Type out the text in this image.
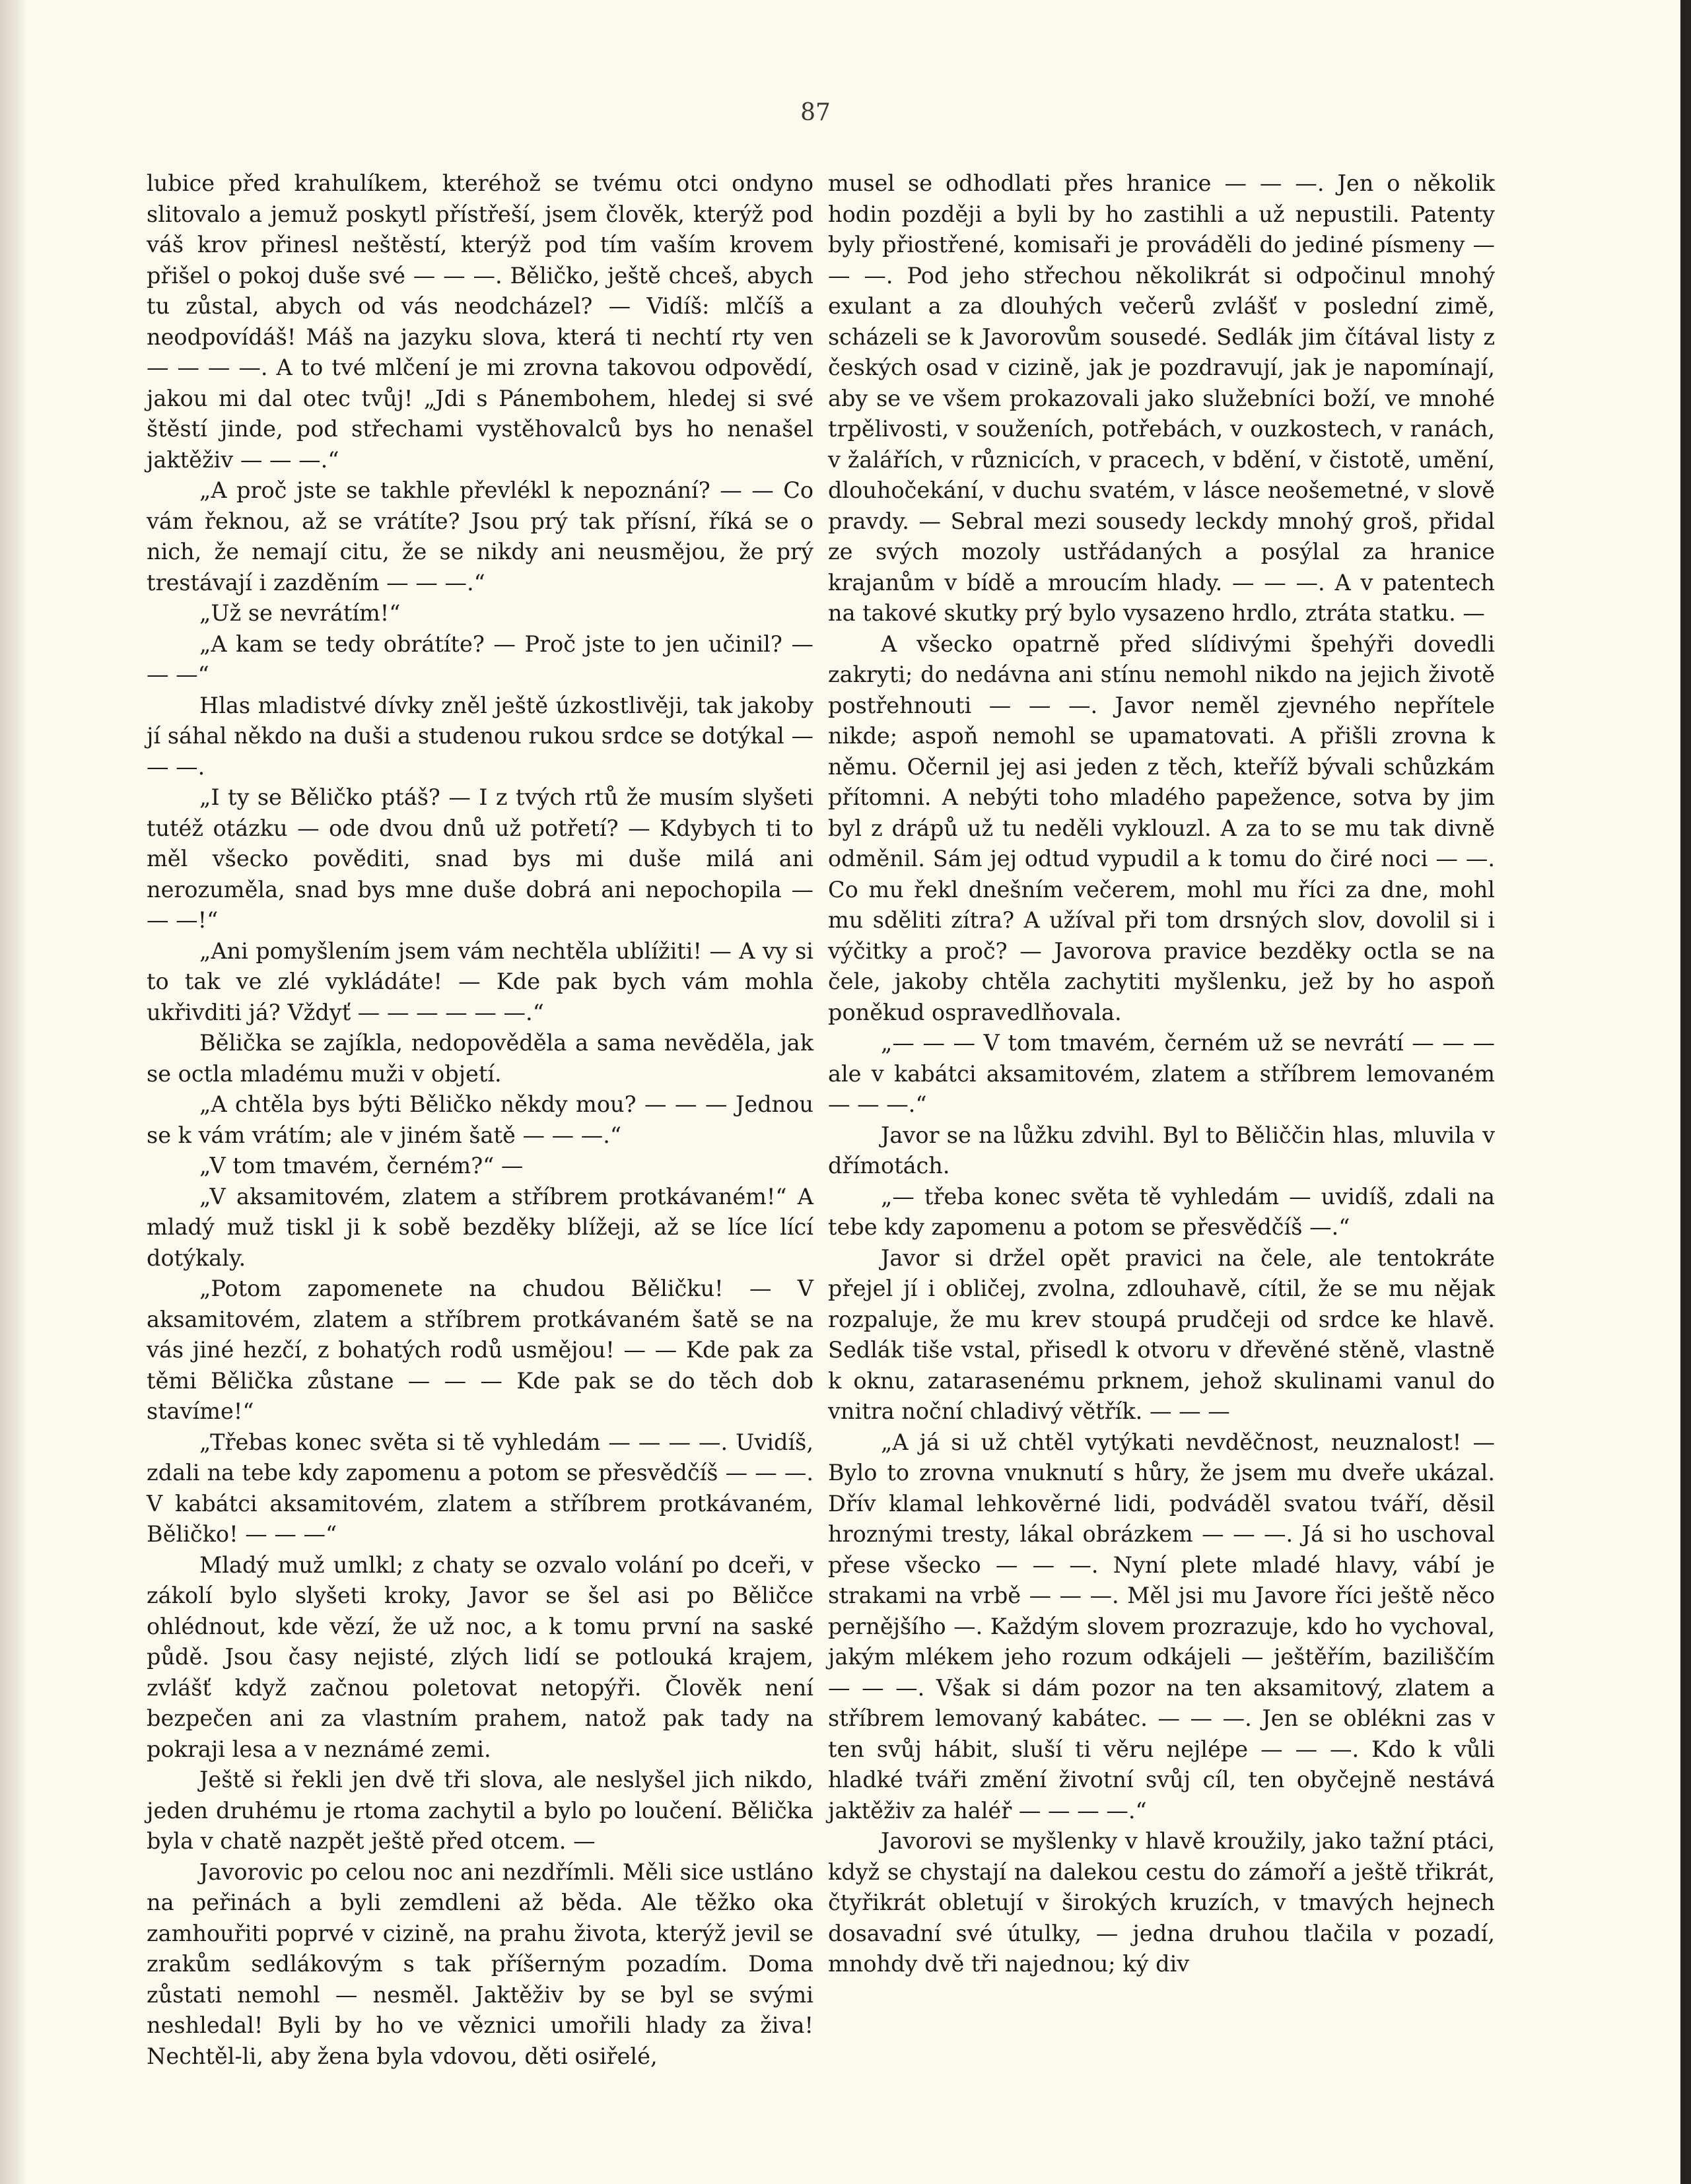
87

lubice před krahulíkem, kteréhož se tvému otci ondyno slitovalo a jemuž poskytl přístřeší, jsem člověk, kterýž pod váš krov přinesl neštěstí, kterýž pod tím vaším krovem přišel o pokoj duše své — — —. Běličko, ještě chceš, abych tu zůstal, abych od vás neodcházel? — Vidíš: mlčíš a neodpovídáš! Máš na jazyku slova, která ti nechtí rty ven — — — —. A to tvé mlčení je mi zrovna takovou odpovědí, jakou mi dal otec tvůj! „Jdi s Pánembohem, hledej si své štěstí jinde, pod střechami vystěhovalců bys ho nenašel jaktěživ — — —.“

„A proč jste se takhle převlékl k nepoznání? — — Co vám řeknou, až se vrátíte? Jsou prý tak přísní, říká se o nich, že nemají citu, že se nikdy ani neusmějou, že prý trestávají i zazděním — — —.“

„Už se nevrátím!“

„A kam se tedy obrátíte? — Proč jste to jen učinil? — — —“

Hlas mladistvé dívky zněl ještě úzkostlivěji, tak jakoby jí sáhal někdo na duši a studenou rukou srdce se dotýkal — — —.

„I ty se Běličko ptáš? — I z tvých rtů že musím slyšeti tutéž otázku — ode dvou dnů už potřetí? — Kdybych ti to měl všecko pověditi, snad bys mi duše milá ani nerozuměla, snad bys mne duše dobrá ani nepochopila — — —!“

„Ani pomyšlením jsem vám nechtěla ublížiti! — A vy si to tak ve zlé vykládáte! — Kde pak bych vám mohla ukřivditi já? Vždyť — — — — — —.“

Bělička se zajíkla, nedopověděla a sama nevěděla, jak se octla mladému muži v objetí.

„A chtěla bys býti Běličko někdy mou? — — — Jednou se k vám vrátím; ale v jiném šatě — — —.“

„V tom tmavém, černém?“ —

„V aksamitovém, zlatem a stříbrem protkávaném!“ A mladý muž tiskl ji k sobě bezděky blížeji, až se líce lící dotýkaly.

„Potom zapomenete na chudou Běličku! — V aksamitovém, zlatem a stříbrem protkávaném šatě se na vás jiné hezčí, z bohatých rodů usmějou! — — Kde pak za těmi Bělička zůstane — — — Kde pak se do těch dob stavíme!“

„Třebas konec světa si tě vyhledám — — — —. Uvidíš, zdali na tebe kdy zapomenu a potom se přesvědčíš — — —. V kabátci aksamitovém, zlatem a stříbrem protkávaném, Běličko! — — —“

Mladý muž umlkl; z chaty se ozvalo volání po dceři, v zákolí bylo slyšeti kroky, Javor se šel asi po Běličce ohlédnout, kde vězí, že už noc, a k tomu první na saské půdě. Jsou časy nejisté, zlých lidí se potlouká krajem, zvlášť když začnou poletovat netopýři. Člověk není bezpečen ani za vlastním prahem, natož pak tady na pokraji lesa a v neznámé zemi.

Ještě si řekli jen dvě tři slova, ale neslyšel jich nikdo, jeden druhému je rtoma zachytil a bylo po loučení. Bělička byla v chatě nazpět ještě před otcem. —

Javorovic po celou noc ani nezdřímli. Měli sice ustláno na peřinách a byli zemdleni až běda. Ale těžko oka zamhouřiti poprvé v cizině, na prahu života, kterýž jevil se zrakům sedlákovým s tak příšerným pozadím. Doma zůstati nemohl — nesměl. Jaktěživ by se byl se svými neshledal! Byli by ho ve věznici umořili hlady za živa! Nechtěl-li, aby žena byla vdovou, děti osiřelé,

musel se odhodlati přes hranice — — —. Jen o několik hodin později a byli by ho zastihli a už nepustili. Patenty byly přiostřené, komisaři je prováděli do jediné písmeny — — —. Pod jeho střechou několikrát si odpočinul mnohý exulant a za dlouhých večerů zvlášť v poslední zimě, scházeli se k Javorovům sousedé. Sedlák jim čítával listy z českých osad v cizině, jak je pozdravují, jak je napomínají, aby se ve všem prokazovali jako služebníci boží, ve mnohé trpělivosti, v souženích, potřebách, v ouzkostech, v ranách, v žalářích, v různicích, v pracech, v bdění, v čistotě, umění, dlouhočekání, v duchu svatém, v lásce neošemetné, v slově pravdy. — Sebral mezi sousedy leckdy mnohý groš, přidal ze svých mozoly ustřádaných a posýlal za hranice krajanům v bídě a mroucím hlady. — — —. A v patentech na takové skutky prý bylo vysazeno hrdlo, ztráta statku. —

A všecko opatrně před slídivými špehýři dovedli zakryti; do nedávna ani stínu nemohl nikdo na jejich životě postřehnouti — — —. Javor neměl zjevného nepřítele nikde; aspoň nemohl se upamatovati. A přišli zrovna k němu. Očernil jej asi jeden z těch, kteříž bývali schůzkám přítomni. A nebýti toho mladého papežence, sotva by jim byl z drápů už tu neděli vyklouzl. A za to se mu tak divně odměnil. Sám jej odtud vypudil a k tomu do čiré noci — —. Co mu řekl dnešním večerem, mohl mu říci za dne, mohl mu sděliti zítra? A užíval při tom drsných slov, dovolil si i výčitky a proč? — Javorova pravice bezděky octla se na čele, jakoby chtěla zachytiti myšlenku, jež by ho aspoň poněkud ospravedlňovala.

„— — — V tom tmavém, černém už se nevrátí — — — ale v kabátci aksamitovém, zlatem a stříbrem lemovaném — — —.“

Javor se na lůžku zdvihl. Byl to Běliččin hlas, mluvila v dřímotách.

„— třeba konec světa tě vyhledám — uvidíš, zdali na tebe kdy zapomenu a potom se přesvědčíš —.“

Javor si držel opět pravici na čele, ale tentokráte přejel jí i obličej, zvolna, zdlouhavě, cítil, že se mu nějak rozpaluje, že mu krev stoupá prudčeji od srdce ke hlavě. Sedlák tiše vstal, přisedl k otvoru v dřevěné stěně, vlastně k oknu, zatarasenému prknem, jehož skulinami vanul do vnitra noční chladivý větřík. — — —

„A já si už chtěl vytýkati nevděčnost, neuznalost! — Bylo to zrovna vnuknutí s hůry, že jsem mu dveře ukázal. Dřív klamal lehkověrné lidi, podváděl svatou tváří, děsil hroznými tresty, lákal obrázkem — — —. Já si ho uschoval přese všecko — — —. Nyní plete mladé hlavy, vábí je strakami na vrbě — — —. Měl jsi mu Javore říci ještě něco pernějšího —. Každým slovem prozrazuje, kdo ho vychoval, jakým mlékem jeho rozum odkájeli — ještěřím, baziliščím — — —. Však si dám pozor na ten aksamitový, zlatem a stříbrem lemovaný kabátec. — — —. Jen se oblékni zas v ten svůj hábit, sluší ti věru nejlépe — — —. Kdo k vůli hladké tváři změní životní svůj cíl, ten obyčejně nestává jaktěživ za haléř — — — —.“

Javorovi se myšlenky v hlavě kroužily, jako tažní ptáci, když se chystají na dalekou cestu do zámoří a ještě třikrát, čtyřikrát obletují v širokých kruzích, v tmavých hejnech dosavadní své útulky, — jedna druhou tlačila v pozadí, mnohdy dvě tři najednou; ký div
